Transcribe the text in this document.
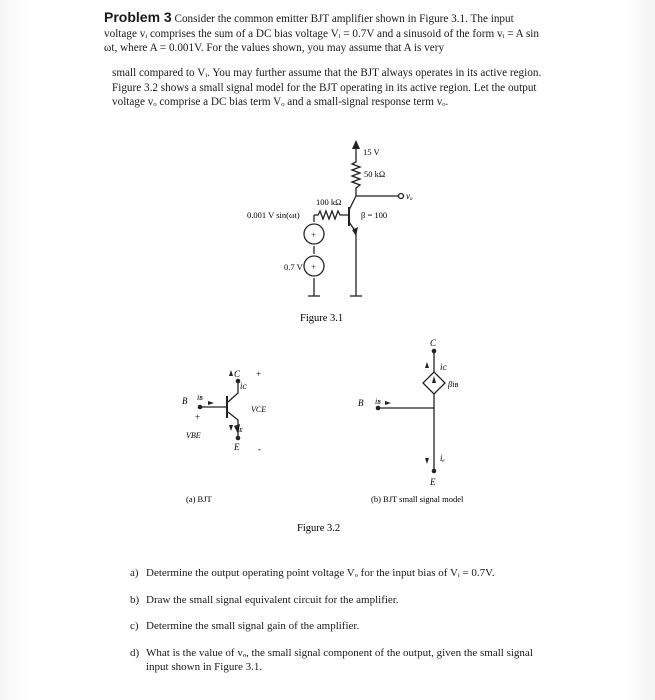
Problem 3 Consider the common emitter BJT amplifier shown in Figure 3.1. The input voltage vᵢ comprises the sum of a DC bias voltage Vᵢ = 0.7V and a sinusoid of the form vᵢ = A sin ωt, where A = 0.001V. For the values shown, you may assume that A is very
small compared to Vᵢ. You may further assume that the BJT always operates in its active region. Figure 3.2 shows a small signal model for the BJT operating in its active region. Let the output voltage vₒ comprise a DC bias term Vₒ and a small-signal response term vₒ.
+
+
15 V
50 kΩ
100 kΩ
vₒ
β = 100
0.001 V sin(ωt)
0.7 V
Figure 3.1
C +
iᴄ
B iʙ
VCE
+
VBE
iᴇ
E -
(a) BJT
C
iᴄ
B iʙ
βiʙ
iₑ
E
(b) BJT small signal model
Figure 3.2
a) Determine the output operating point voltage Vₒ for the input bias of Vᵢ = 0.7V.
b) Draw the small signal equivalent circuit for the amplifier.
c) Determine the small signal gain of the amplifier.
d) What is the value of vₒ, the small signal component of the output, given the small signal input shown in Figure 3.1.
